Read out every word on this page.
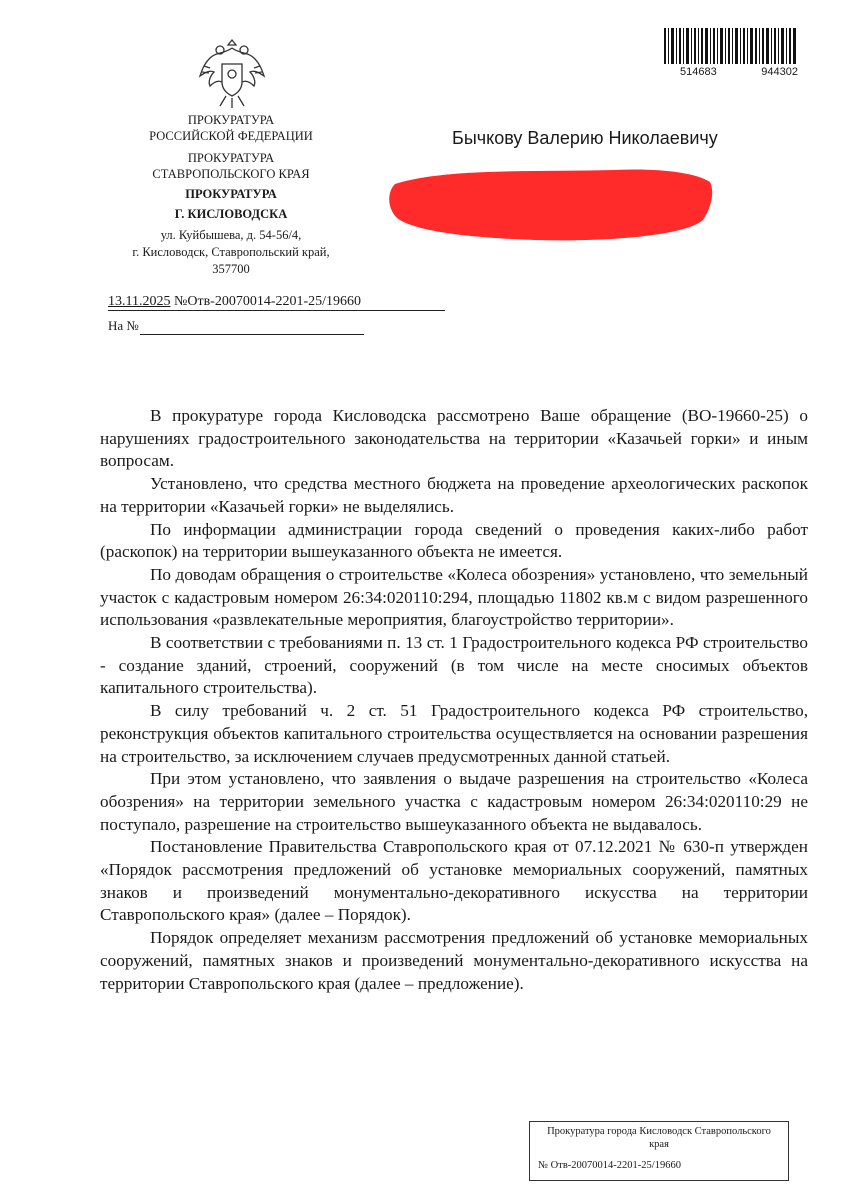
514683	944302
ПРОКУРАТУРА
РОССИЙСКОЙ ФЕДЕРАЦИИ
ПРОКУРАТУРА
СТАВРОПОЛЬСКОГО КРАЯ
ПРОКУРАТУРА
Г. КИСЛОВОДСКА
ул. Куйбышева, д. 54-56/4,
г. Кисловодск, Ставропольский край,
357700
Бычкову Валерию Николаевичу
13.11.2025 №Отв-20070014-2201-25/19660
На №

В прокуратуре города Кисловодска рассмотрено Ваше обращение (ВО-19660-25) о нарушениях градостроительного законодательства на территории «Казачьей горки» и иным вопросам.

Установлено, что средства местного бюджета на проведение археологических раскопок на территории «Казачьей горки» не выделялись.

По информации администрации города сведений о проведения каких-либо работ (раскопок) на территории вышеуказанного объекта не имеется.

По доводам обращения о строительстве «Колеса обозрения» установлено, что земельный участок с кадастровым номером 26:34:020110:294, площадью 11802 кв.м с видом разрешенного использования «развлекательные мероприятия, благоустройство территории».

В соответствии с требованиями п. 13 ст. 1 Градостроительного кодекса РФ строительство - создание зданий, строений, сооружений (в том числе на месте сносимых объектов капитального строительства).

В силу требований ч. 2 ст. 51 Градостроительного кодекса РФ строительство, реконструкция объектов капитального строительства осуществляется на основании разрешения на строительство, за исключением случаев предусмотренных данной статьей.

При этом установлено, что заявления о выдаче разрешения на строительство «Колеса обозрения» на территории земельного участка с кадастровым номером 26:34:020110:29 не поступало, разрешение на строительство вышеуказанного объекта не выдавалось.

Постановление Правительства Ставропольского края от 07.12.2021 № 630-п утвержден «Порядок рассмотрения предложений об установке мемориальных сооружений, памятных знаков и произведений монументально-декоративного искусства на территории Ставропольского края» (далее – Порядок).

Порядок определяет механизм рассмотрения предложений об установке мемориальных сооружений, памятных знаков и произведений монументально-декоративного искусства на территории Ставропольского края (далее – предложение).

Прокуратура города Кисловодск Ставропольского края
№ Отв-20070014-2201-25/19660
